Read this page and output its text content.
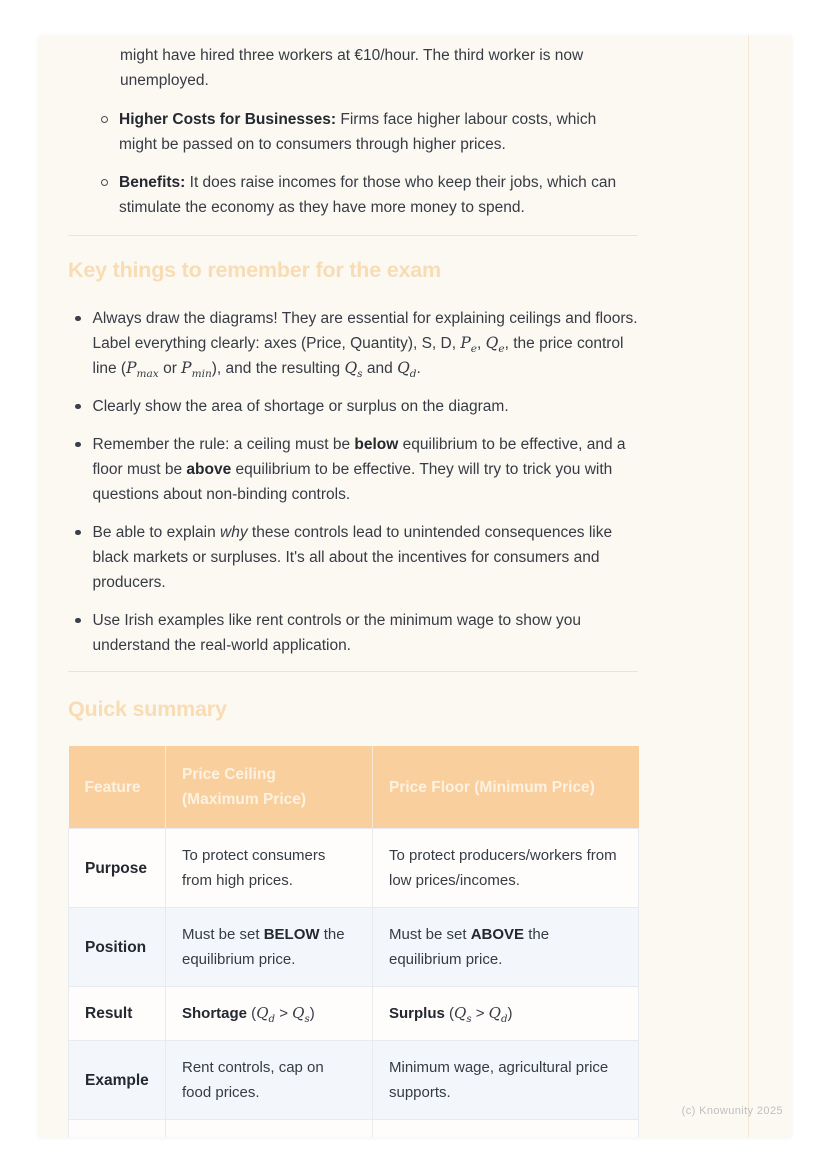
might have hired three workers at €10/hour. The third worker is now unemployed.
Higher Costs for Businesses: Firms face higher labour costs, which might be passed on to consumers through higher prices.
Benefits: It does raise incomes for those who keep their jobs, which can stimulate the economy as they have more money to spend.
Key things to remember for the exam
Always draw the diagrams! They are essential for explaining ceilings and floors. Label everything clearly: axes (Price, Quantity), S, D, $P_e$, $Q_e$, the price control line ($P_{max}$ or $P_{min}$), and the resulting $Q_s$ and $Q_d$.
Clearly show the area of shortage or surplus on the diagram.
Remember the rule: a ceiling must be below equilibrium to be effective, and a floor must be above equilibrium to be effective. They will try to trick you with questions about non-binding controls.
Be able to explain why these controls lead to unintended consequences like black markets or surpluses. It's all about the incentives for consumers and producers.
Use Irish examples like rent controls or the minimum wage to show you understand the real-world application.
Quick summary
Feature	Price Ceiling (Maximum Price)	Price Floor (Minimum Price)
Purpose	To protect consumers from high prices.	To protect producers/workers from low prices/incomes.
Position	Must be set BELOW the equilibrium price.	Must be set ABOVE the equilibrium price.
Result	Shortage $(Q_d > Q_s)$	Surplus $(Q_s > Q_d)$
Example	Rent controls, cap on food prices.	Minimum wage, agricultural price supports.

(c) Knowunity 2025
